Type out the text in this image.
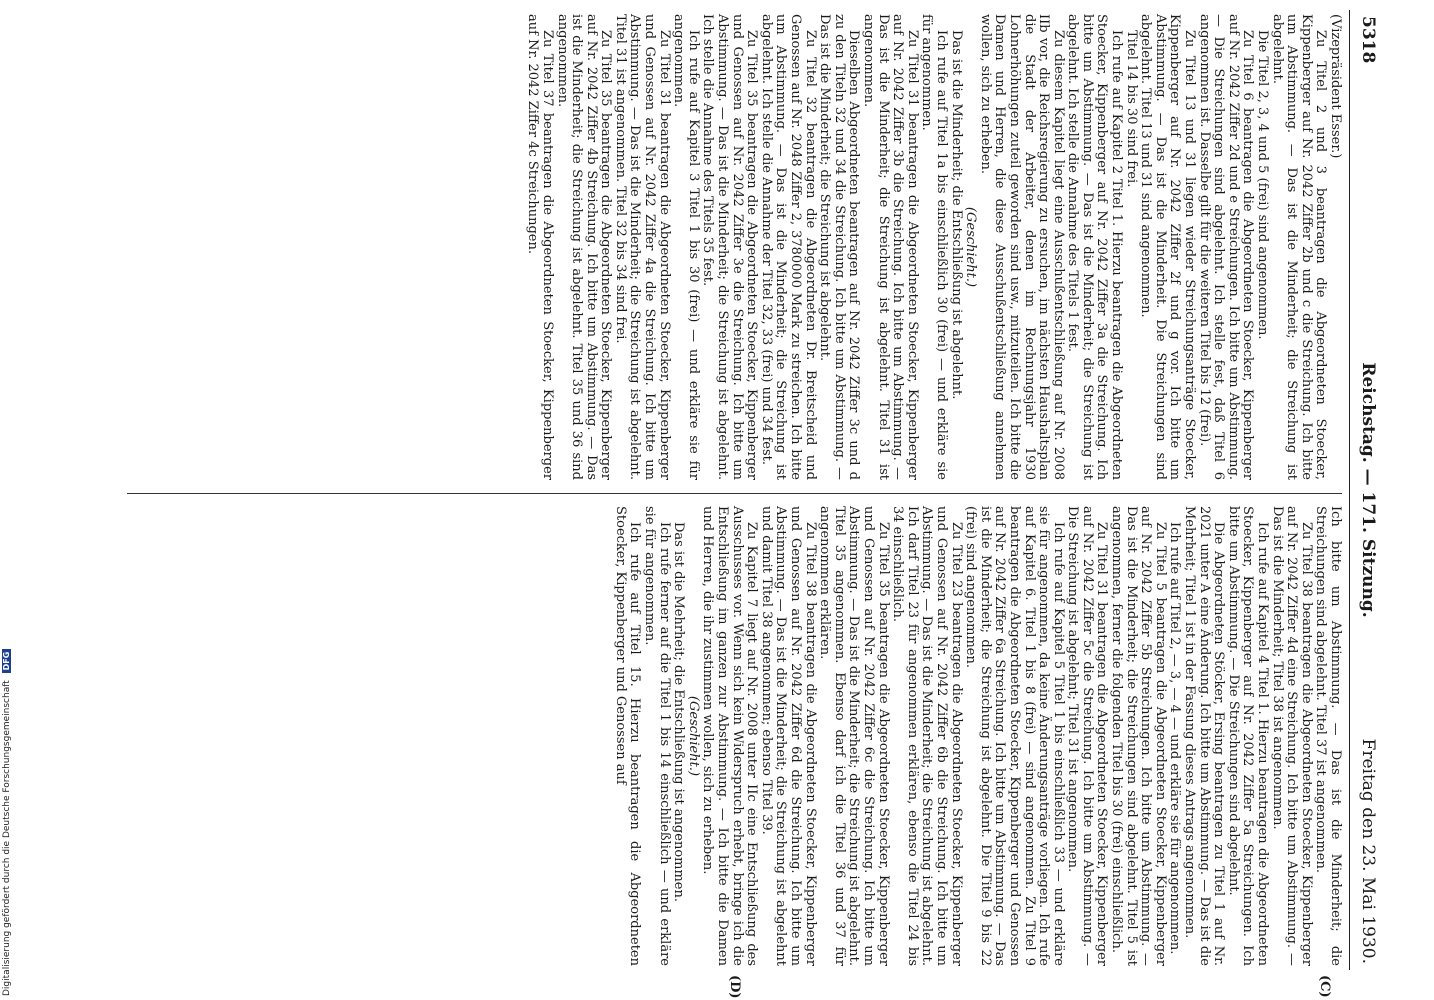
5318
Reichstag. — 171. Sitzung.
Freitag den 23. Mai 1930.
(C)
(D)

(Vizepräsident Esser.)

Zu Titel 2 und 3 beantragen die Abgeordneten Stoecker, Kippenberger auf Nr. 2042 Ziffer 2b und c die Streichung. Ich bitte um Abstimmung. — Das ist die Minderheit; die Streichung ist abgelehnt.

Die Titel 2, 3, 4 und 5 (frei) sind angenommen.

Zu Titel 6 beantragen die Abgeordneten Stoecker, Kippenberger auf Nr. 2042 Ziffer 2d und e Streichungen. Ich bitte um Abstimmung. — Die Streichungen sind abgelehnt. Ich stelle fest, daß Titel 6 angenommen ist. Dasselbe gilt für die weiteren Titel bis 12 (frei).

Zu Titel 13 und 31 liegen wieder Streichungsanträge Stoecker, Kippenberger auf Nr. 2042 Ziffer 2f und g vor. Ich bitte um Abstimmung. — Das ist die Minderheit. Die Streichungen sind abgelehnt. Titel 13 und 31 sind angenommen.

Titel 14 bis 30 sind frei.

Ich rufe auf Kapitel 2 Titel 1. Hierzu beantragen die Abgeordneten Stoecker, Kippenberger auf Nr. 2042 Ziffer 3a die Streichung. Ich bitte um Abstimmung. — Das ist die Minderheit; die Streichung ist abgelehnt. Ich stelle die Annahme des Titels 1 fest.

Zu diesem Kapitel liegt eine Ausschußentschließung auf Nr. 2008 IIb vor, die Reichsregierung zu ersuchen, im nächsten Haushaltsplan die Stadt der Arbeiter, denen im Rechnungsjahr 1930 Lohnerhöhungen zuteil geworden sind usw., mitzuteilen. Ich bitte die Damen und Herren, die diese Ausschußentschließung annehmen wollen, sich zu erheben.

(Geschieht.)

Das ist die Minderheit; die Entschließung ist abgelehnt.

Ich rufe auf Titel 1a bis einschließlich 30 (frei) — und erkläre sie für angenommen.

Zu Titel 31 beantragen die Abgeordneten Stoecker, Kippenberger auf Nr. 2042 Ziffer 3b die Streichung. Ich bitte um Abstimmung. — Das ist die Minderheit; die Streichung ist abgelehnt. Titel 31 ist angenommen.

Dieselben Abgeordneten beantragen auf Nr. 2042 Ziffer 3c und d zu den Titeln 32 und 34 die Streichung. Ich bitte um Abstimmung. — Das ist die Minderheit; die Streichung ist abgelehnt.

Zu Titel 32 beantragen die Abgeordneten Dr. Breitscheid und Genossen auf Nr. 2048 Ziffer 2, 3780000 Mark zu streichen. Ich bitte um Abstimmung. — Das ist die Minderheit; die Streichung ist abgelehnt. Ich stelle die Annahme der Titel 32, 33 (frei) und 34 fest.

Zu Titel 35 beantragen die Abgeordneten Stoecker, Kippenberger und Genossen auf Nr. 2042 Ziffer 3e die Streichung. Ich bitte um Abstimmung. — Das ist die Minderheit; die Streichung ist abgelehnt. Ich stelle die Annahme des Titels 35 fest.

Ich rufe auf Kapitel 3 Titel 1 bis 30 (frei) — und erkläre sie für angenommen.

Zu Titel 31 beantragen die Abgeordneten Stoecker, Kippenberger und Genossen auf Nr. 2042 Ziffer 4a die Streichung. Ich bitte um Abstimmung. — Das ist die Minderheit; die Streichung ist abgelehnt. Titel 31 ist angenommen. Titel 32 bis 34 sind frei.

Zu Titel 35 beantragen die Abgeordneten Stoecker, Kippenberger auf Nr. 2042 Ziffer 4b Streichung. Ich bitte um Abstimmung. — Das ist die Minderheit; die Streichung ist abgelehnt. Titel 35 und 36 sind angenommen.

Zu Titel 37 beantragen die Abgeordneten Stoecker, Kippenberger auf Nr. 2042 Ziffer 4c Streichungen.

Ich bitte um Abstimmung. — Das ist die Minderheit; die Streichungen sind abgelehnt. Titel 37 ist angenommen.

Zu Titel 38 beantragen die Abgeordneten Stoecker, Kippenberger auf Nr. 2042 Ziffer 4d eine Streichung. Ich bitte um Abstimmung. — Das ist die Minderheit; Titel 38 ist angenommen.

Ich rufe auf Kapitel 4 Titel 1. Hierzu beantragen die Abgeordneten Stoecker, Kippenberger auf Nr. 2042 Ziffer 5a Streichungen. Ich bitte um Abstimmung. — Die Streichungen sind abgelehnt.

Die Abgeordneten Stöcker, Ersing beantragen zu Titel 1 auf Nr. 2021 unter A eine Änderung. Ich bitte um Abstimmung. — Das ist die Mehrheit; Titel 1 ist in der Fassung dieses Antrags angenommen.

Ich rufe auf Titel 2, — 3, — 4 — und erkläre sie für angenommen.

Zu Titel 5 beantragen die Abgeordneten Stoecker, Kippenberger auf Nr. 2042 Ziffer 5b Streichungen. Ich bitte um Abstimmung. — Das ist die Minderheit; die Streichungen sind abgelehnt. Titel 5 ist angenommen, ferner die folgenden Titel bis 30 (frei) einschließlich.

Zu Titel 31 beantragen die Abgeordneten Stoecker, Kippenberger auf Nr. 2042 Ziffer 5c die Streichung. Ich bitte um Abstimmung. — Die Streichung ist abgelehnt; Titel 31 ist angenommen.

Ich rufe auf Kapitel 5 Titel 1 bis einschließlich 33 — und erkläre sie für angenommen, da keine Änderungsanträge vorliegen. Ich rufe auf Kapitel 6. Titel 1 bis 8 (frei) — sind angenommen. Zu Titel 9 beantragen die Abgeordneten Stoecker, Kippenberger und Genossen auf Nr. 2042 Ziffer 6a Streichung. Ich bitte um Abstimmung. — Das ist die Minderheit; die Streichung ist abgelehnt. Die Titel 9 bis 22 (frei) sind angenommen.

Zu Titel 23 beantragen die Abgeordneten Stoecker, Kippenberger und Genossen auf Nr. 2042 Ziffer 6b die Streichung. Ich bitte um Abstimmung. — Das ist die Minderheit; die Streichung ist abgelehnt. Ich darf Titel 23 für angenommen erklären, ebenso die Titel 24 bis 34 einschließlich.

Zu Titel 35 beantragen die Abgeordneten Stoecker, Kippenberger und Genossen auf Nr. 2042 Ziffer 6c die Streichung. Ich bitte um Abstimmung. — Das ist die Minderheit; die Streichung ist abgelehnt. Titel 35 angenommen. Ebenso darf ich die Titel 36 und 37 für angenommen erklären.

Zu Titel 38 beantragen die Abgeordneten Stoecker, Kippenberger und Genossen auf Nr. 2042 Ziffer 6d die Streichung. Ich bitte um Abstimmung. — Das ist die Minderheit; die Streichung ist abgelehnt und damit Titel 38 angenommen; ebenso Titel 39.

Zu Kapitel 7 liegt auf Nr. 2008 unter IIc eine Entschließung des Ausschusses vor. Wenn sich kein Widerspruch erhebt, bringe ich die Entschließung im ganzen zur Abstimmung. — Ich bitte die Damen und Herren, die ihr zustimmen wollen, sich zu erheben.

(Geschieht.)

Das ist die Mehrheit; die Entschließung ist angenommen.

Ich rufe ferner auf die Titel 1 bis 14 einschließlich — und erkläre sie für angenommen.

Ich rufe auf Titel 15. Hierzu beantragen die Abgeordneten Stoecker, Kippenberger und Genossen auf

Digitalisierung gefördert durch die Deutsche Forschungsgemeinschaft DFG
